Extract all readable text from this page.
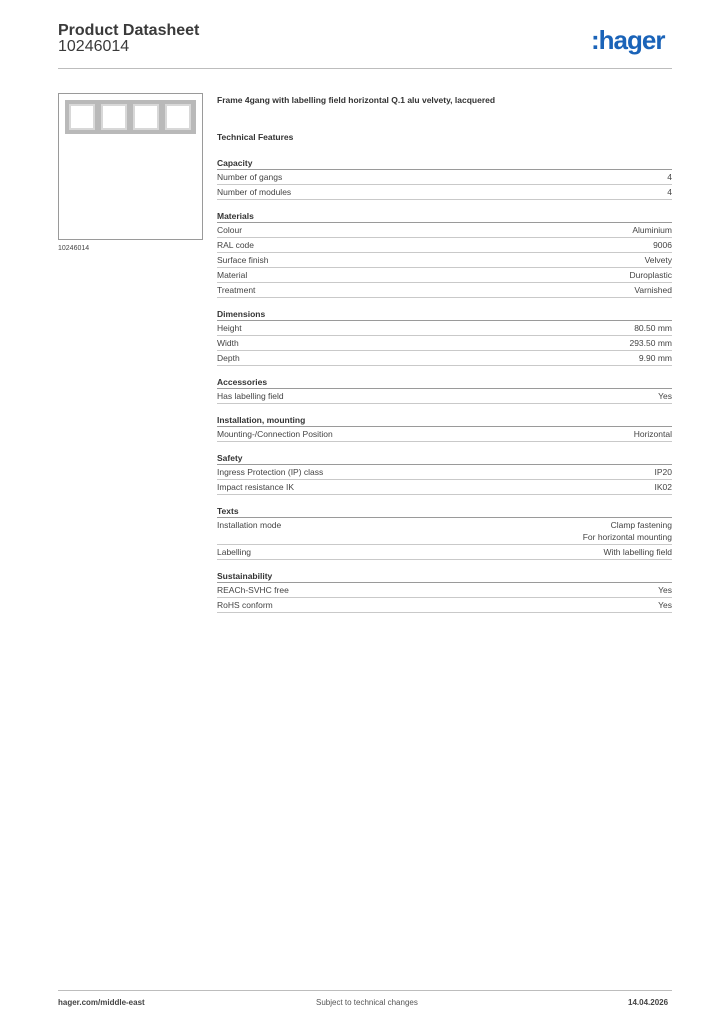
Product Datasheet
10246014	:hager
10246014
Frame 4gang with labelling field horizontal Q.1 alu velvety, lacquered
Technical Features
Capacity
Number of gangs	4
Number of modules	4
Materials
Colour	Aluminium
RAL code	9006
Surface finish	Velvety
Material	Duroplastic
Treatment	Varnished
Dimensions
Height	80.50 mm
Width	293.50 mm
Depth	9.90 mm
Accessories
Has labelling field	Yes
Installation, mounting
Mounting-/Connection Position	Horizontal
Safety
Ingress Protection (IP) class	IP20
Impact resistance IK	IK02
Texts
Installation mode	Clamp fastening
For horizontal mounting
Labelling	With labelling field
Sustainability
REACh-SVHC free	Yes
RoHS conform	Yes
hager.com/middle-east	Subject to technical changes	14.04.2026
